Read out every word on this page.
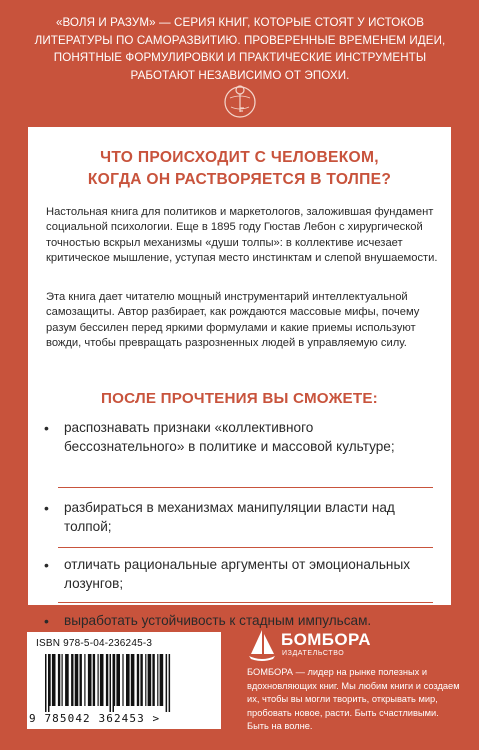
«ВОЛЯ И РАЗУМ» — СЕРИЯ КНИГ, КОТОРЫЕ СТОЯТ У ИСТОКОВ ЛИТЕРАТУРЫ ПО САМОРАЗВИТИЮ. ПРОВЕРЕННЫЕ ВРЕМЕНЕМ ИДЕИ, ПОНЯТНЫЕ ФОРМУЛИРОВКИ И ПРАКТИЧЕСКИЕ ИНСТРУМЕНТЫ РАБОТАЮТ НЕЗАВИСИМО ОТ ЭПОХИ.
ЧТО ПРОИСХОДИТ С ЧЕЛОВЕКОМ,
КОГДА ОН РАСТВОРЯЕТСЯ В ТОЛПЕ?
Настольная книга для политиков и маркетологов, заложившая фундамент социальной психологии. Еще в 1895 году Гюстав Лебон с хирургической точностью вскрыл механизмы «души толпы»: в коллективе исчезает критическое мышление, уступая место инстинктам и слепой внушаемости.
Эта книга дает читателю мощный инструментарий интеллектуальной самозащиты. Автор разбирает, как рождаются массовые мифы, почему разум бессилен перед яркими формулами и какие приемы используют вожди, чтобы превращать разрозненных людей в управляемую силу.
ПОСЛЕ ПРОЧТЕНИЯ ВЫ СМОЖЕТЕ:
• распознавать признаки «коллективного бессознательного» в политике и массовой культуре;
• разбираться в механизмах манипуляции власти над толпой;
• отличать рациональные аргументы от эмоциональных лозунгов;
• выработать устойчивость к стадным импульсам.
ISBN 978-5-04-236245-3
9 785042 362453 >
БОМБОРА
ИЗДАТЕЛЬСТВО
БОМБОРА — лидер на рынке полезных и вдохновляющих книг. Мы любим книги и создаем их, чтобы вы могли творить, открывать мир, пробовать новое, расти. Быть счастливыми. Быть на волне.
